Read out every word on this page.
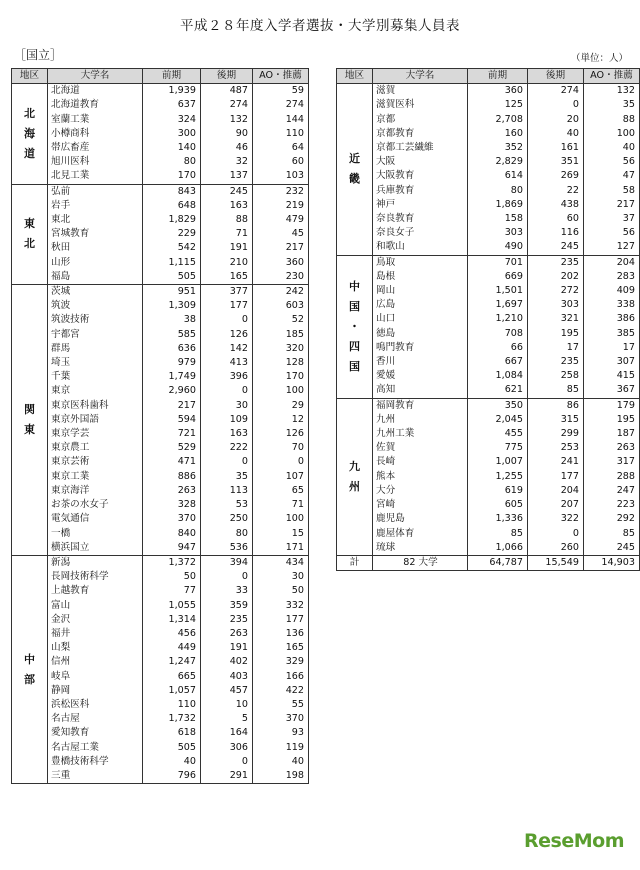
平成２８年度入学者選抜・大学別募集人員表
［国立］	（単位：人）
地区	大学名	前期	後期	AO・推薦

北
海
道	北海道	1,939	487	59
	北海道教育	637	274	274
	室蘭工業	324	132	144
	小樽商科	300	90	110
	帯広畜産	140	46	64
	旭川医科	80	32	60
	北見工業	170	137	103

東
北	弘前	843	245	232
	岩手	648	163	219
	東北	1,829	88	479
	宮城教育	229	71	45
	秋田	542	191	217
	山形	1,115	210	360
	福島	505	165	230

関
東	茨城	951	377	242
	筑波	1,309	177	603
	筑波技術	38	0	52
	宇都宮	585	126	185
	群馬	636	142	320
	埼玉	979	413	128
	千葉	1,749	396	170
	東京	2,960	0	100
	東京医科歯科	217	30	29
	東京外国語	594	109	12
	東京学芸	721	163	126
	東京農工	529	222	70
	東京芸術	471	0	0
	東京工業	886	35	107
	東京海洋	263	113	65
	お茶の水女子	328	53	71
	電気通信	370	250	100
	一橋	840	80	15
	横浜国立	947	536	171

中
部	新潟	1,372	394	434
	長岡技術科学	50	0	30
	上越教育	77	33	50
	富山	1,055	359	332
	金沢	1,314	235	177
	福井	456	263	136
	山梨	449	191	165
	信州	1,247	402	329
	岐阜	665	403	166
	静岡	1,057	457	422
	浜松医科	110	10	55
	名古屋	1,732	5	370
	愛知教育	618	164	93
	名古屋工業	505	306	119
	豊橋技術科学	40	0	40
	三重	796	291	198
地区	大学名	前期	後期	AO・推薦

近
畿	滋賀	360	274	132
	滋賀医科	125	0	35
	京都	2,708	20	88
	京都教育	160	40	100
	京都工芸繊維	352	161	40
	大阪	2,829	351	56
	大阪教育	614	269	47
	兵庫教育	80	22	58
	神戸	1,869	438	217
	奈良教育	158	60	37
	奈良女子	303	116	56
	和歌山	490	245	127

中
国
・
四
国	鳥取	701	235	204
	島根	669	202	283
	岡山	1,501	272	409
	広島	1,697	303	338
	山口	1,210	321	386
	徳島	708	195	385
	鳴門教育	66	17	17
	香川	667	235	307
	愛媛	1,084	258	415
	高知	621	85	367

九
州	福岡教育	350	86	179
	九州	2,045	315	195
	九州工業	455	299	187
	佐賀	775	253	263
	長崎	1,007	241	317
	熊本	1,255	177	288
	大分	619	204	247
	宮崎	605	207	223
	鹿児島	1,336	322	292
	鹿屋体育	85	0	85
	琉球	1,066	260	245
計	82 大学	64,787	15,549	14,903
ReseMom
